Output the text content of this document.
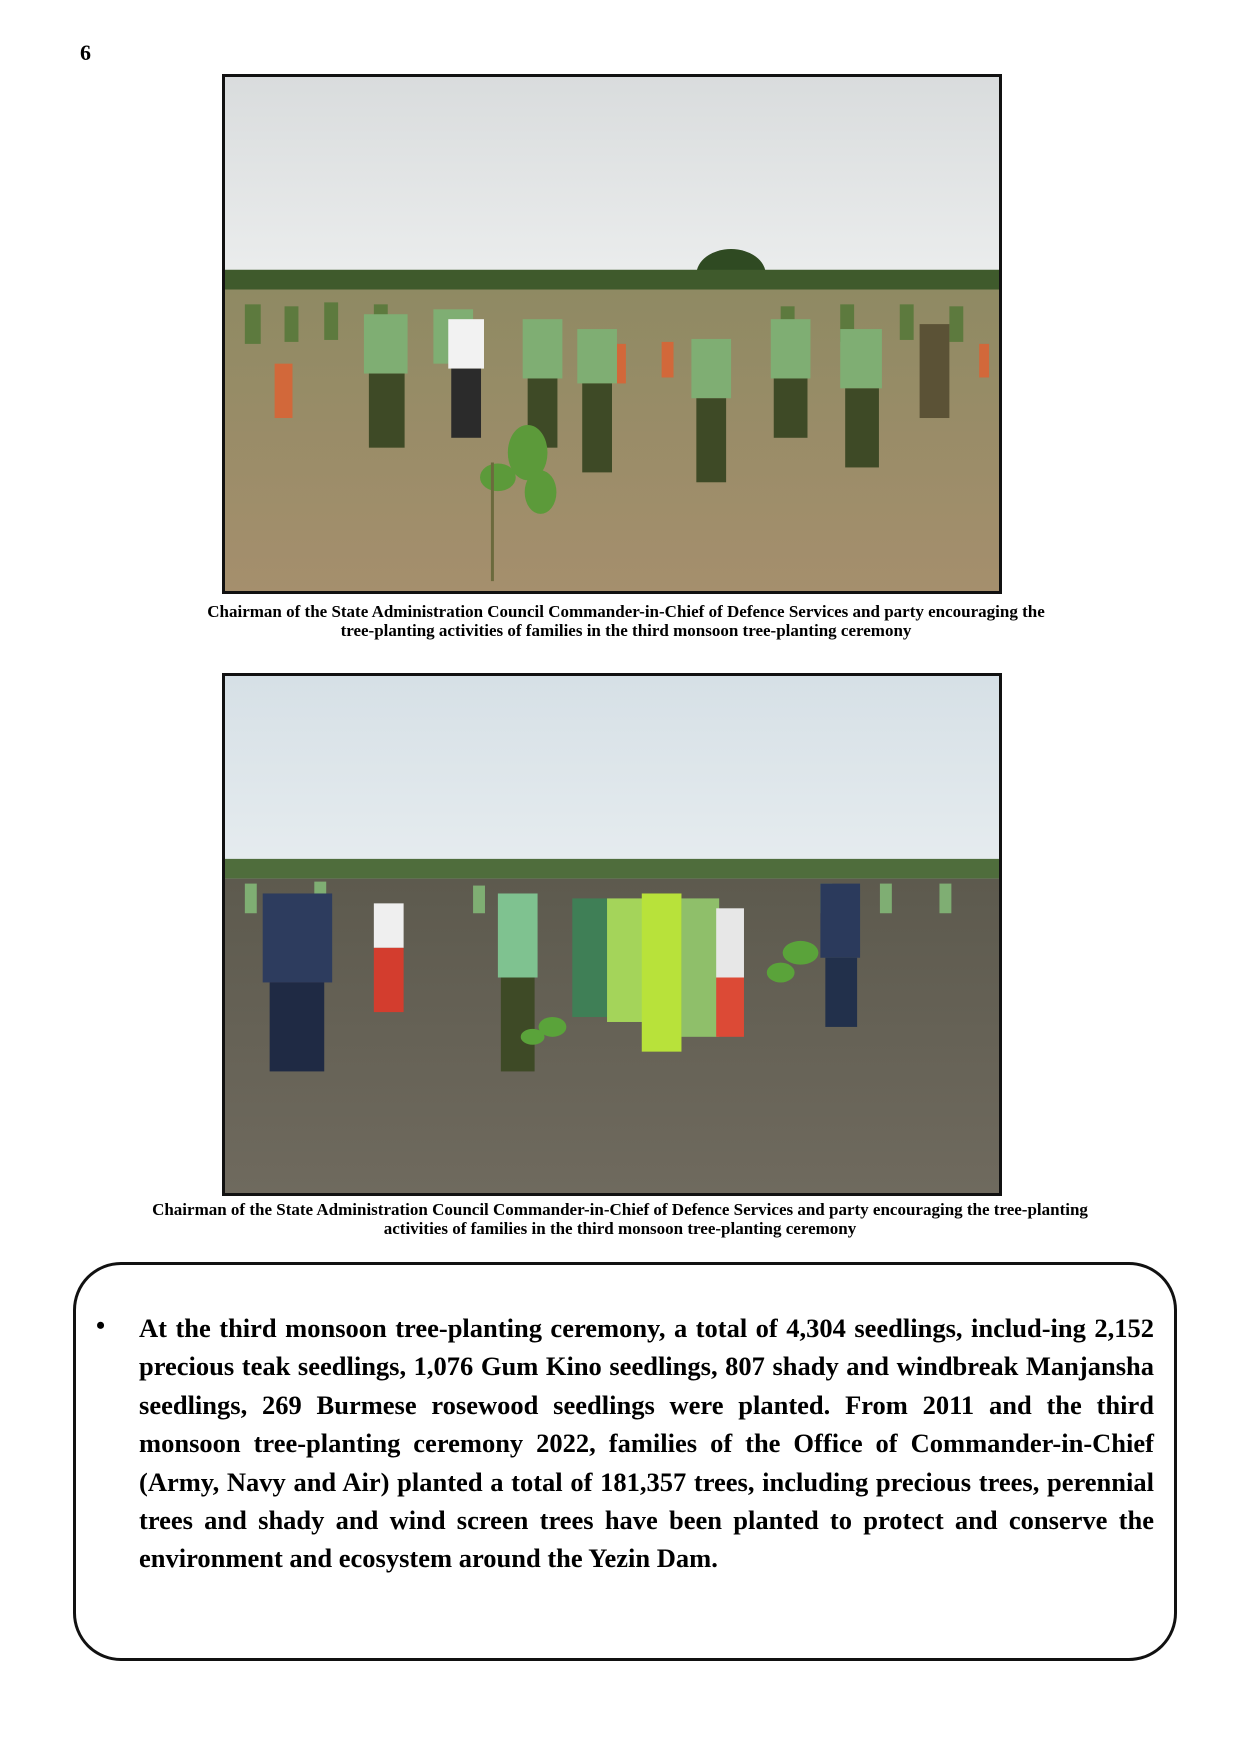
6
Chairman of the State Administration Council Commander-in-Chief of Defence Services and party encouraging the tree-planting activities of families in the third monsoon tree-planting ceremony
Chairman of the State Administration Council Commander-in-Chief of Defence Services and party encouraging the tree-planting activities of families in the third monsoon tree-planting ceremony
• At the third monsoon tree-planting ceremony, a total of 4,304 seedlings, includ-ing 2,152 precious teak seedlings, 1,076 Gum Kino seedlings, 807 shady and windbreak Manjansha seedlings, 269 Burmese rosewood seedlings were planted. From 2011 and the third monsoon tree-planting ceremony 2022, families of the Office of Commander-in-Chief (Army, Navy and Air) planted a total of 181,357 trees, including precious trees, perennial trees and shady and wind screen trees have been planted to protect and conserve the environment and ecosystem around the Yezin Dam.
